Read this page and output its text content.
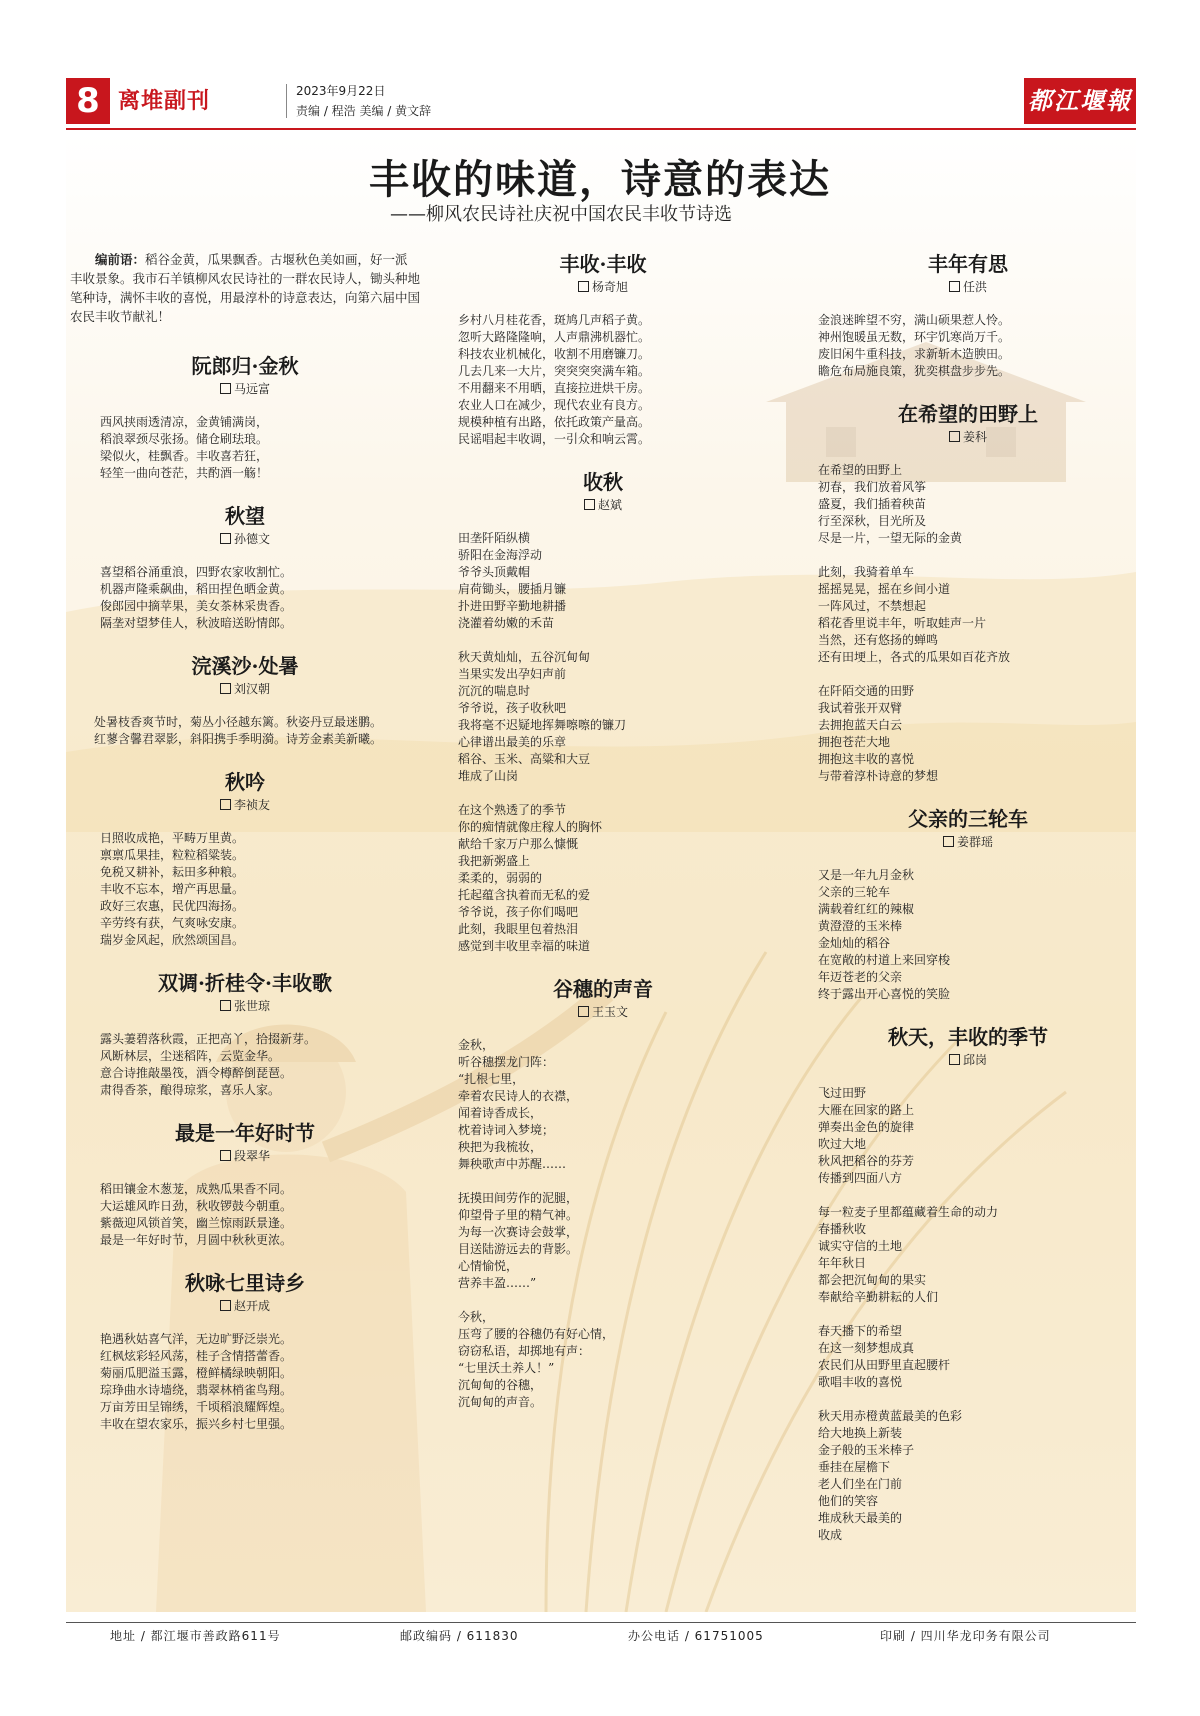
8 离堆副刊	2023年9月22日
责编 / 程浩 美编 / 黄文辞	都江堰報
丰收的味道，诗意的表达
——柳风农民诗社庆祝中国农民丰收节诗选

编前语：稻谷金黄，瓜果飘香。古堰秋色美如画，好一派丰收景象。我市石羊镇柳风农民诗社的一群农民诗人，锄头种地笔种诗，满怀丰收的喜悦，用最淳朴的诗意表达，向第六届中国农民丰收节献礼！

阮郎归·金秋
马远富
西风挟雨透清凉，金黄铺满岗，
稻浪翠颈尽张扬。储仓刷珐琅。
梁似火，桂飘香。丰收喜若狂，
轻笙一曲向苍茫，共酌酒一觞！
秋望
孙德文
喜望稻谷涌重浪，四野农家收割忙。
机器声隆乘飙曲，稻田捏色晒金黄。
俊郎园中摘苹果，美女茶林采贵香。
隔垄对望梦佳人，秋波暗送盼情郎。
浣溪沙·处暑
刘汉朝
处暑枝香爽节时，菊丛小径越东篱。秋姿丹豆最迷鹏。
红蓼含馨君翠影，斜阳携手季明漪。诗芳金素美新曦。
秋吟
李祯友
日照收成艳，平畴万里黄。
禀禀瓜果挂，粒粒稻粱装。
免税又耕补，耘田多种粮。
丰收不忘本，增产再思量。
政好三农惠，民优四海扬。
辛劳终有获，气爽咏安康。
瑞岁金风起，欣然颂国昌。
双调·折桂令·丰收歌
张世琼
露头萋碧落秋霞，正把高丫，拾掇新芽。
风断林层，尘迷稻阵，云览金华。
意合诗推敲墨筏，酒令樽醉倒琵琶。
肃得香茶，酿得琼浆，喜乐人家。
最是一年好时节
段翠华
稻田镶金木葱茏，成熟瓜果香不同。
大运雄风昨日劲，秋收锣鼓今朝重。
紫薇迎风锁首笑，幽兰惊雨跃景逢。
最是一年好时节，月圆中秋秋更浓。
秋咏七里诗乡
赵开成
艳遇秋姑喜气洋，无边旷野泛崇光。
红枫炫彩轻风荡，桂子含情搭蕾香。
菊丽瓜肥溢玉露，橙鲜橘绿映朝阳。
琮琤曲水诗墙绕，翡翠林梢雀鸟翔。
万亩芳田呈锦绣，千顷稻浪耀辉煌。
丰收在望农家乐，振兴乡村七里强。
丰收·丰收
杨奇旭
乡村八月桂花香，斑鸠几声稻子黄。
忽听大路隆隆响，人声鼎沸机器忙。
科技农业机械化，收割不用磨镰刀。
几去几来一大片，突突突突满车箱。
不用翻来不用晒，直接拉进烘干房。
农业人口在减少，现代农业有良方。
规模种植有出路，依托政策产量高。
民谣唱起丰收调，一引众和响云霄。
收秋
赵斌
田垄阡陌纵横
骄阳在金海浮动
爷爷头顶戴帽
肩荷锄头，腰插月镰
扑进田野辛勤地耕播
浇灌着幼嫩的禾苗
秋天黄灿灿，五谷沉甸甸
当果实发出孕妇声前
沉沉的喘息时
爷爷说，孩子收秋吧
我将毫不迟疑地挥舞嚓嚓的镰刀
心律谱出最美的乐章
稻谷、玉米、高粱和大豆
堆成了山岗
在这个熟透了的季节
你的痴情就像庄稼人的胸怀
献给千家万户那么慷慨
我把新粥盛上
柔柔的，弱弱的
托起蕴含执着而无私的爱
爷爷说，孩子你们喝吧
此刻，我眼里包着热泪
感觉到丰收里幸福的味道
谷穗的声音
王玉文
金秋，
听谷穗摆龙门阵：
“扎根七里，
牵着农民诗人的衣襟，
闻着诗香成长，
枕着诗词入梦境；
秧把为我梳妆，
舞秧歌声中苏醒……
抚摸田间劳作的泥腿，
仰望骨子里的精气神。
为每一次赛诗会鼓掌，
目送陆游远去的背影。
心情愉悦，
营养丰盈……”
今秋，
压弯了腰的谷穗仍有好心情，
窃窃私语，却掷地有声：
“七里沃土养人！”
沉甸甸的谷穗，
沉甸甸的声音。
丰年有思
任洪
金浪迷眸望不穷，满山硕果惹人怜。
神州饱暖虽无数，环宇饥寒尚万千。
废旧闲牛重科技，求新斩木造腴田。
瞻危布局施良策，犹奕棋盘步步先。
在希望的田野上
姜科
在希望的田野上
初春，我们放着风筝
盛夏，我们插着秧苗
行至深秋，目光所及
尽是一片，一望无际的金黄
此刻，我骑着单车
摇摇晃晃，摇在乡间小道
一阵风过，不禁想起
稻花香里说丰年，听取蛙声一片
当然，还有悠扬的蝉鸣
还有田埂上，各式的瓜果如百花齐放
在阡陌交通的田野
我试着张开双臂
去拥抱蓝天白云
拥抱苍茫大地
拥抱这丰收的喜悦
与带着淳朴诗意的梦想
父亲的三轮车
姜群瑶
又是一年九月金秋
父亲的三轮车
满载着红红的辣椒
黄澄澄的玉米棒
金灿灿的稻谷
在宽敞的村道上来回穿梭
年迈苍老的父亲
终于露出开心喜悦的笑脸
秋天，丰收的季节
邱岗
飞过田野
大雁在回家的路上
弹奏出金色的旋律
吹过大地
秋风把稻谷的芬芳
传播到四面八方
每一粒麦子里都蕴藏着生命的动力
春播秋收
诚实守信的土地
年年秋日
都会把沉甸甸的果实
奉献给辛勤耕耘的人们
春天播下的希望
在这一刻梦想成真
农民们从田野里直起腰杆
歌唱丰收的喜悦
秋天用赤橙黄蓝最美的色彩
给大地换上新装
金子般的玉米棒子
垂挂在屋檐下
老人们坐在门前
他们的笑容
堆成秋天最美的
收成
地址 / 都江堰市善政路611号	邮政编码 / 611830	办公电话 / 61751005	印刷 / 四川华龙印务有限公司
